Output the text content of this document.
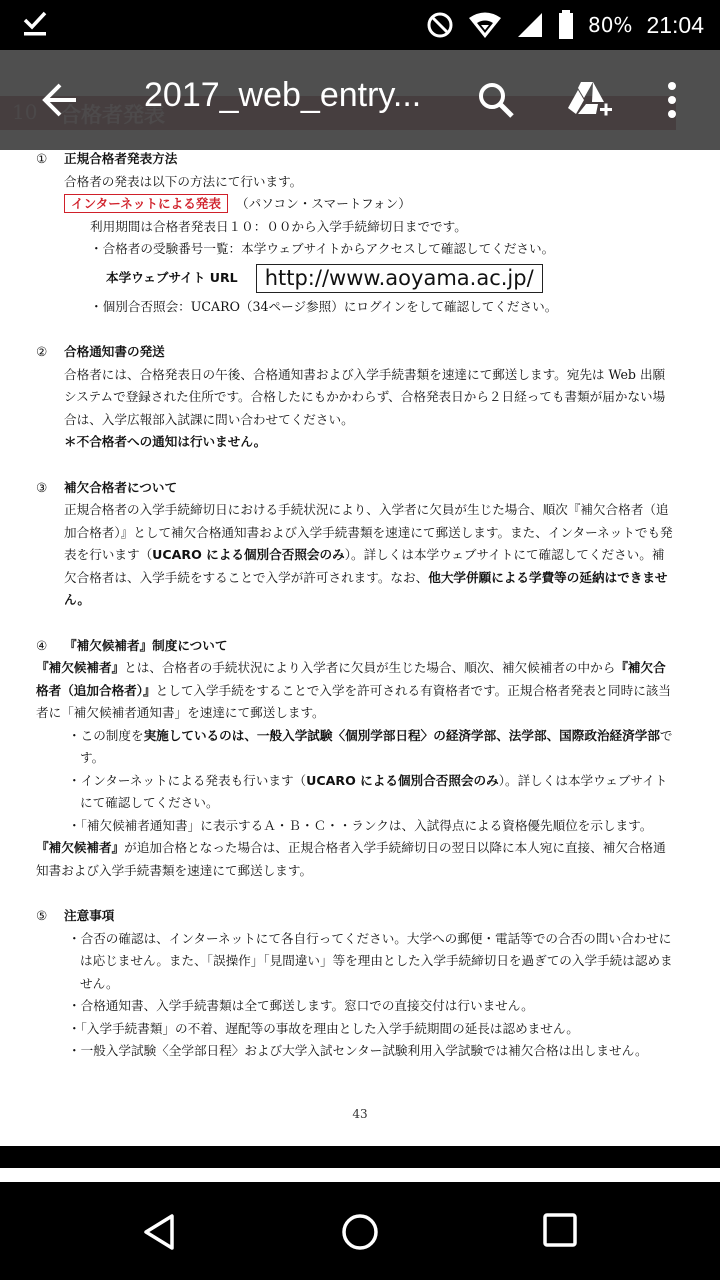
80% 21:04

① 正規合格者発表方法

合格者の発表は以下の方法にて行います。

インターネットによる発表 （パソコン・スマートフォン）

利用期間は合格者発表日１０：００から入学手続締切日までです。

・合格者の受験番号一覧：本学ウェブサイトからアクセスして確認してください。

本学ウェブサイト URL	http://www.aoyama.ac.jp/

・個別合否照会：UCARO（34ページ参照）にログインをして確認してください。

② 合格通知書の発送

合格者には、合格発表日の午後、合格通知書および入学手続書類を速達にて郵送します。宛先は Web 出願システムで登録された住所です。合格したにもかかわらず、合格発表日から２日経っても書類が届かない場合は、入学広報部入試課に問い合わせてください。

＊不合格者への通知は行いません。

③ 補欠合格者について

正規合格者の入学手続締切日における手続状況により、入学者に欠員が生じた場合、順次『補欠合格者（追加合格者）』として補欠合格通知書および入学手続書類を速達にて郵送します。また、インターネットでも発表を行います（UCARO による個別合否照会のみ）。詳しくは本学ウェブサイトにて確認してください。補欠合格者は、入学手続をすることで入学が許可されます。なお、他大学併願による学費等の延納はできません。

④ 『補欠候補者』制度について

『補欠候補者』とは、合格者の手続状況により入学者に欠員が生じた場合、順次、補欠候補者の中から『補欠合格者（追加合格者）』として入学手続をすることで入学を許可される有資格者です。正規合格者発表と同時に該当者に「補欠候補者通知書」を速達にて郵送します。

・この制度を実施しているのは、一般入学試験〈個別学部日程〉の経済学部、法学部、国際政治経済学部です。

・インターネットによる発表も行います（UCARO による個別合否照会のみ）。詳しくは本学ウェブサイトにて確認してください。

・「補欠候補者通知書」に表示するＡ・Ｂ・Ｃ・・ランクは、入試得点による資格優先順位を示します。

『補欠候補者』が追加合格となった場合は、正規合格者入学手続締切日の翌日以降に本人宛に直接、補欠合格通知書および入学手続書類を速達にて郵送します。

⑤ 注意事項

・合否の確認は、インターネットにて各自行ってください。大学への郵便・電話等での合否の問い合わせには応じません。また、「誤操作」「見間違い」等を理由とした入学手続締切日を過ぎての入学手続は認めません。

・合格通知書、入学手続書類は全て郵送します。窓口での直接交付は行いません。

・「入学手続書類」の不着、遅配等の事故を理由とした入学手続期間の延長は認めません。

・一般入学試験〈全学部日程〉および大学入試センター試験利用入学試験では補欠合格は出しません。

43
2017_web_entry...
